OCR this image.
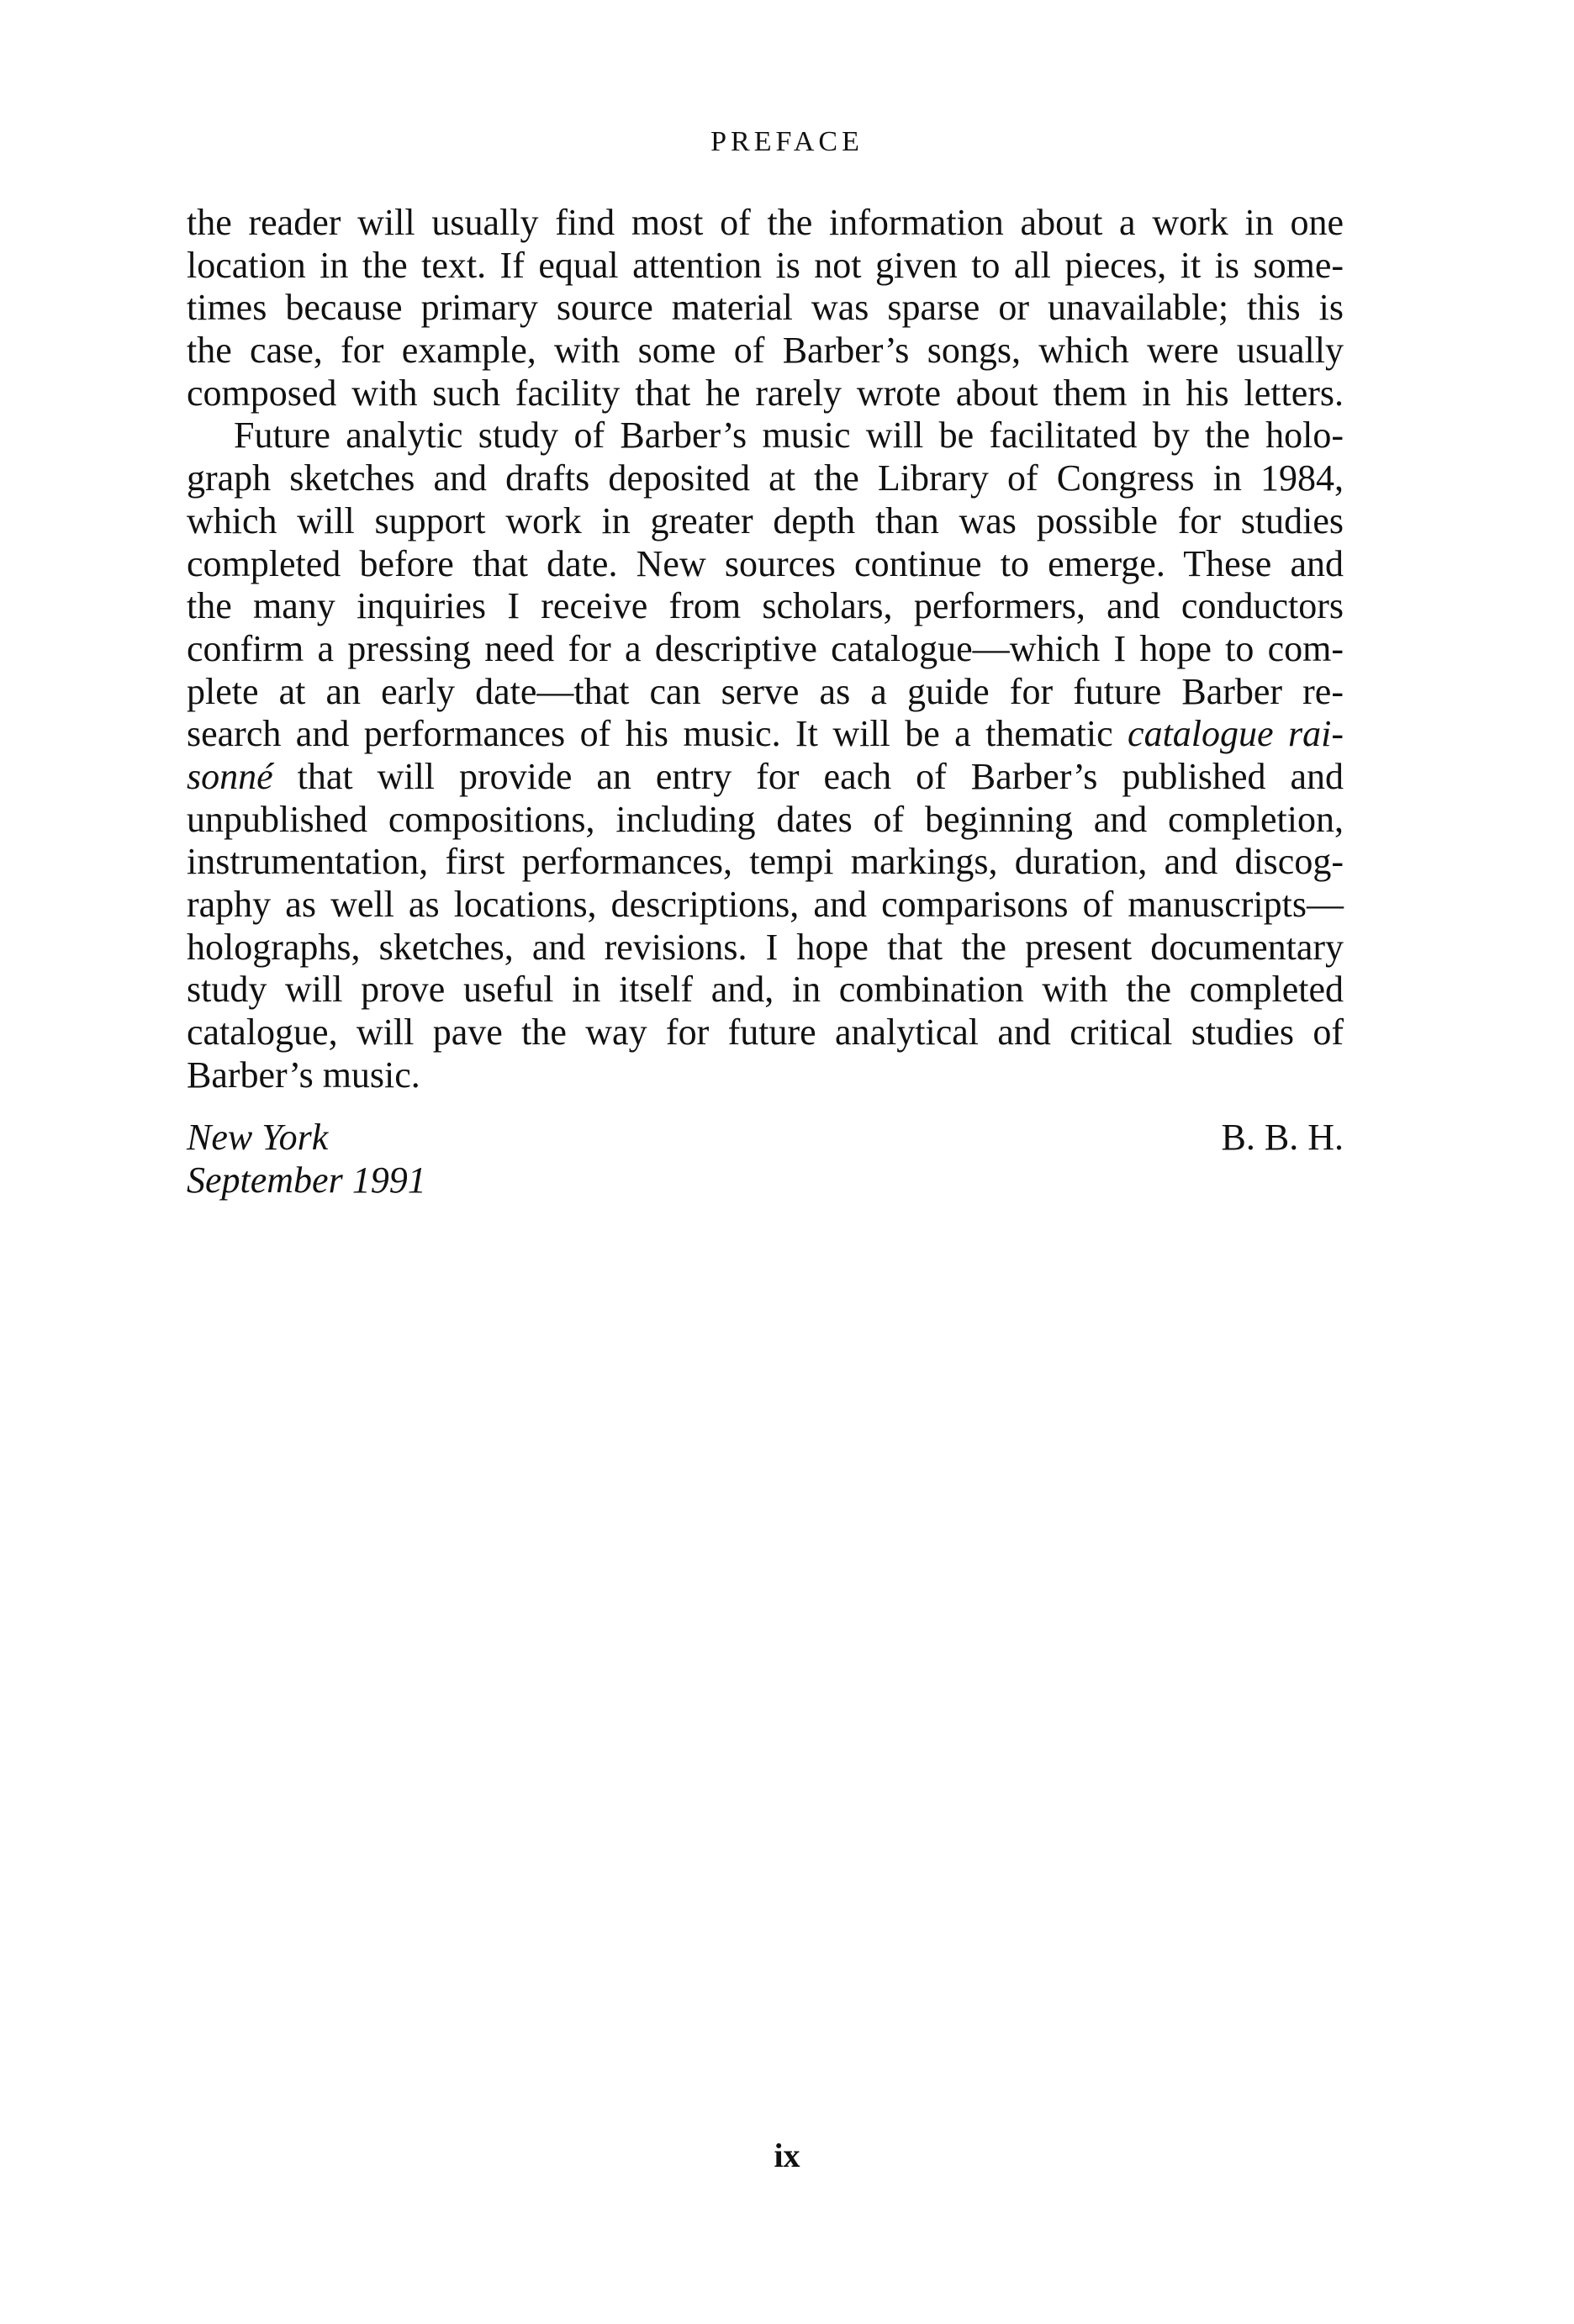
PREFACE
the reader will usually find most of the information about a work in one
location in the text. If equal attention is not given to all pieces, it is some-
times because primary source material was sparse or unavailable; this is
the case, for example, with some of Barber’s songs, which were usually
composed with such facility that he rarely wrote about them in his letters.
Future analytic study of Barber’s music will be facilitated by the holo-
graph sketches and drafts deposited at the Library of Congress in 1984,
which will support work in greater depth than was possible for studies
completed before that date. New sources continue to emerge. These and
the many inquiries I receive from scholars, performers, and conductors
confirm a pressing need for a descriptive catalogue—which I hope to com-
plete at an early date—that can serve as a guide for future Barber re-
search and performances of his music. It will be a thematic catalogue rai-
sonné that will provide an entry for each of Barber’s published and
unpublished compositions, including dates of beginning and completion,
instrumentation, first performances, tempi markings, duration, and discog-
raphy as well as locations, descriptions, and comparisons of manuscripts—
holographs, sketches, and revisions. I hope that the present documentary
study will prove useful in itself and, in combination with the completed
catalogue, will pave the way for future analytical and critical studies of
Barber’s music.
New York
September 1991
B. B. H.
ix
